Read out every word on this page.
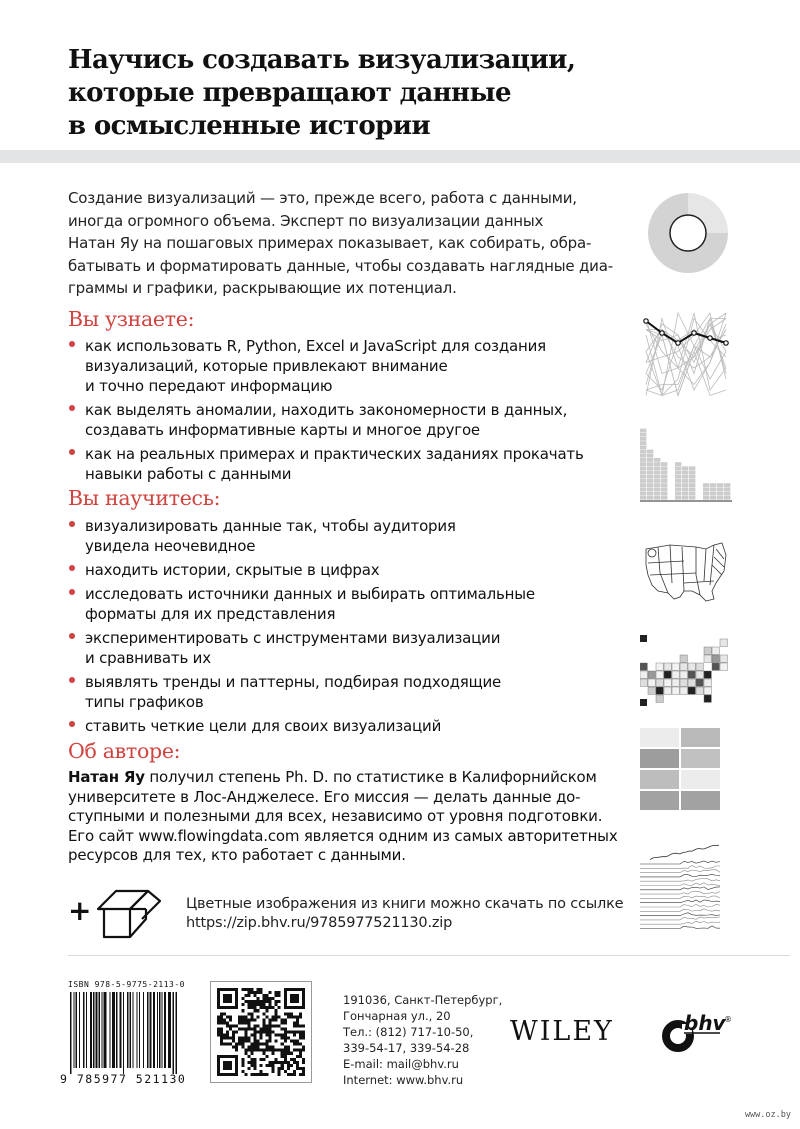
Научись создавать визуализации,
которые превращают данные
в осмысленные истории
Создание визуализаций — это, прежде всего, работа с данными,
иногда огромного объема. Эксперт по визуализации данных
Натан Яу на пошаговых примерах показывает, как собирать, обра-
батывать и форматировать данные, чтобы создавать наглядные диа-
граммы и графики, раскрывающие их потенциал.
Вы узнаете:
как использовать R, Python, Excel и JavaScript для создания
визуализаций, которые привлекают внимание
и точно передают информацию
как выделять аномалии, находить закономерности в данных,
создавать информативные карты и многое другое
как на реальных примерах и практических заданиях прокачать
навыки работы с данными
Вы научитесь:
визуализировать данные так, чтобы аудитория
увидела неочевидное
находить истории, скрытые в цифрах
исследовать источники данных и выбирать оптимальные
форматы для их представления
экспериментировать с инструментами визуализации
и сравнивать их
выявлять тренды и паттерны, подбирая подходящие
типы графиков
ставить четкие цели для своих визуализаций
Об авторе:
Натан Яу получил степень Ph. D. по статистике в Калифорнийском
университете в Лос-Анджелесе. Его миссия — делать данные до-
ступными и полезными для всех, независимо от уровня подготовки.
Его сайт www.flowingdata.com является одним из самых авторитетных
ресурсов для тех, кто работает с данными.
+	Цветные изображения из книги можно скачать по ссылке
https://zip.bhv.ru/9785977521130.zip
ISBN 978-5-9775-2113-0
9 785977 521130
191036, Санкт-Петербург,
Гончарная ул., 20
Тел.: (812) 717-10-50,
339-54-17, 339-54-28
E-mail: mail@bhv.ru
Internet: www.bhv.ru
WILEY	bhv
®
www.oz.by
